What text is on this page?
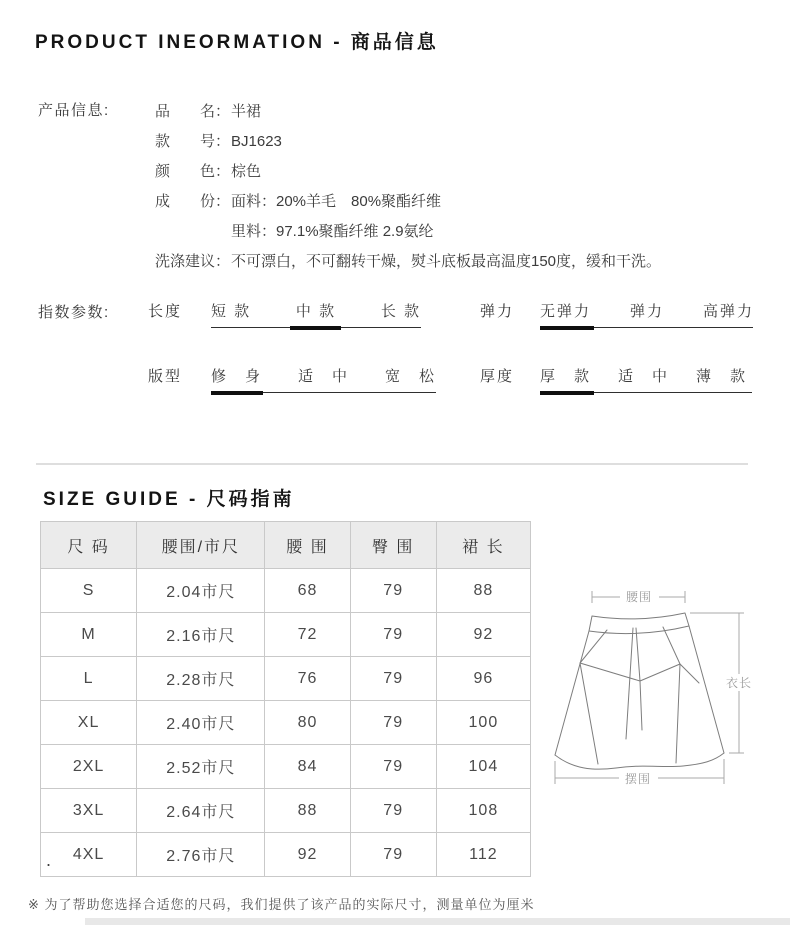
PRODUCT INEORMATION - 商品信息
产品信息:	品　　名： 半裙
款　　号： BJ1623
颜　　色： 棕色
成　　份： 面料：20%羊毛　80%聚酯纤维
里料：97.1%聚酯纤维 2.9氨纶
洗涤建议： 不可漂白，不可翻转干燥，熨斗底板最高温度150度，缓和干洗。
指数参数:	长度 短 款	中 款	长 款	弹力 无弹力	弹力	高弹力
版型 修　身 适　中 宽　松	厚度 厚　款 适　中 薄　款
SIZE GUIDE - 尺码指南
尺 码	腰围/市尺	腰 围	臀 围	裙 长
S	2.04市尺	68	79	88
M	2.16市尺	72	79	92
L	2.28市尺	76	79	96
XL	2.40市尺	80	79	100
2XL	2.52市尺	84	79	104
3XL	2.64市尺	88	79	108
4XL	2.76市尺	92	79	112
.
腰围
衣长
摆围
※ 为了帮助您选择合适您的尺码，我们提供了该产品的实际尺寸，测量单位为厘米
